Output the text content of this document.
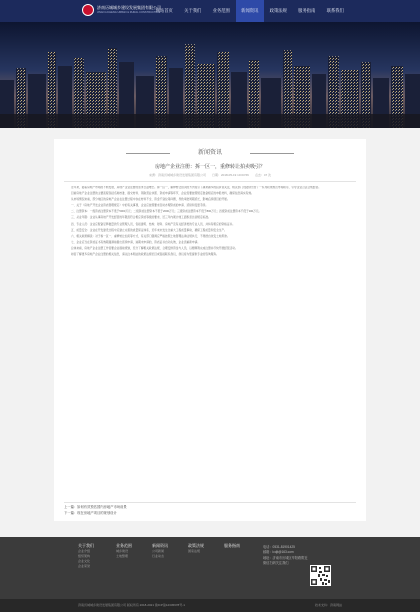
济南历城城乡建设发展集团有限公司
JINAN LICHENG URBAN & RURAL CONSTRUCTION
网站首页	关于我们	业务范围	新闻资讯	政策法规	服务指南	联系我们
新闻资讯
房地产企业注册：拆一区一，重修转让拍卖吸引？
来源：济南历城城乡建设发展集团有限公司　　日期：2018-05-19 10:03:56　　点击：47 次

近年来，随着房地产市场的不断发展，房地产企业注册的需求日益增长。拆一区一，重修转让拍卖的方式吸引了越来越多的投资者关注，相关部门也陆续出台了一系列政策规范市场秩序，引导企业合法合规经营。

目前房地产企业注册的主要流程包括名称核准、提交材料、领取营业执照、资质申请等环节，企业需要按照规定准备相应的申报材料，确保信息真实有效。

从市场情况来看，部分地区的房地产企业在注册过程中存在材料不全、资金不到位等问题，导致审批周期延长，影响后续项目的开展。

一、关于《房地产开发企业资质管理规定》中的有关事项，企业应按照要求及时办理资质的申请、延续和变更手续。

二、注册资本：一级资质注册资本不低于5000万元；二级资质注册资本不低于2000万元；三级资质注册资本不低于800万元；四级资质注册资本不低于100万元。

三、从业年限：企业从事房地产开发经营的年限需符合相应资质等级的要求，近三年内累计竣工面积需达到规定标准。

四、专业人员：企业应配备足够数量的专业管理人员，包括建筑、结构、财务、房地产及有关经济类的专业人员，并持有相应的资格证书。

五、质量安全：企业在开发建设过程中应建立完善的质量保证体系，近年来未发生过重大工程质量事故，确保工程质量和安全生产。

六、相关政策解读：对于拆一区一、重修转让拍卖等方式，有关部门强调应严格按照土地管理法律法规执行，不得擅自改变土地用途。

七、企业应当在资质证书有效期届满前提出延续申请，逾期未申请的，资质证书自动失效，企业需重新申请。

总体来看，房地产企业注册工作需要企业提前规划，充分了解相关政策法规，合理安排资金与人员，以便顺利完成注册并尽快开展经营活动。

如需了解更多房地产企业注册的相关信息，请关注本网站的政策法规栏目或直接联系我们，我们将为您提供专业的咨询服务。

上一篇：如何有效预估国内房地产市场前景
下一篇：现在房地产项目的规划设计
关于我们
企业介绍
组织架构
企业文化
企业荣誉
业务范围
城乡建设
土地整理
新闻资讯
公司新闻
行业动态
政策法规
国家法规
服务指南	电话：0531-81901425
邮箱：lcdjt@163.com
地址：济南市历城区华阳路附近
微信扫码关注我们
济南历城城乡建设发展集团有限公司 版权所有 2018-2021 鲁ICP备12345678号-1	技术支持：济南网站
